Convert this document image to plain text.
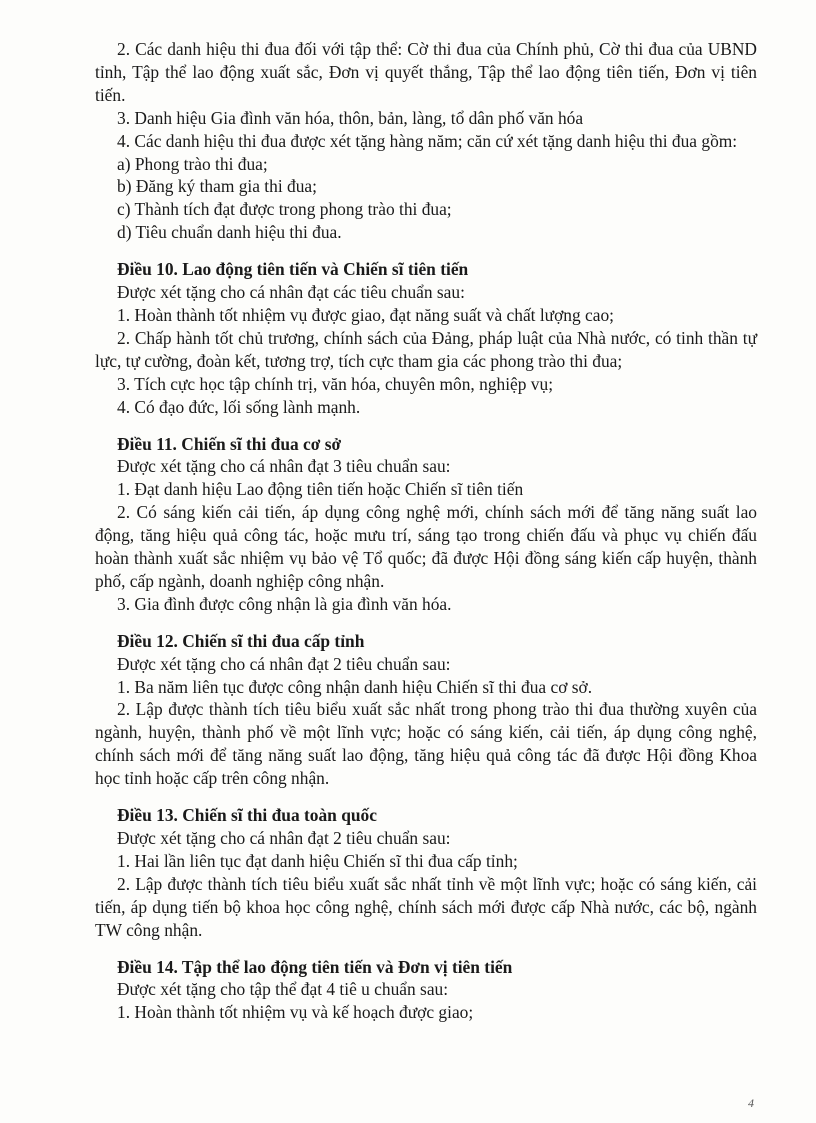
2. Các danh hiệu thi đua đối với tập thể: Cờ thi đua của Chính phủ, Cờ thi đua của UBND tỉnh, Tập thể lao động xuất sắc, Đơn vị quyết thắng, Tập thể lao động tiên tiến, Đơn vị tiên tiến.

3. Danh hiệu Gia đình văn hóa, thôn, bản, làng, tổ dân phố văn hóa

4. Các danh hiệu thi đua được xét tặng hàng năm; căn cứ xét tặng danh hiệu thi đua gồm:

a) Phong trào thi đua;

b) Đăng ký tham gia thi đua;

c) Thành tích đạt được trong phong trào thi đua;

d) Tiêu chuẩn danh hiệu thi đua.

Điều 10. Lao động tiên tiến và Chiến sĩ tiên tiến

Được xét tặng cho cá nhân đạt các tiêu chuẩn sau:

1. Hoàn thành tốt nhiệm vụ được giao, đạt năng suất và chất lượng cao;

2. Chấp hành tốt chủ trương, chính sách của Đảng, pháp luật của Nhà nước, có tinh thần tự lực, tự cường, đoàn kết, tương trợ, tích cực tham gia các phong trào thi đua;

3. Tích cực học tập chính trị, văn hóa, chuyên môn, nghiệp vụ;

4. Có đạo đức, lối sống lành mạnh.

Điều 11. Chiến sĩ thi đua cơ sở

Được xét tặng cho cá nhân đạt 3 tiêu chuẩn sau:

1. Đạt danh hiệu Lao động tiên tiến hoặc Chiến sĩ tiên tiến

2. Có sáng kiến cải tiến, áp dụng công nghệ mới, chính sách mới để tăng năng suất lao động, tăng hiệu quả công tác, hoặc mưu trí, sáng tạo trong chiến đấu và phục vụ chiến đấu hoàn thành xuất sắc nhiệm vụ bảo vệ Tổ quốc; đã được Hội đồng sáng kiến cấp huyện, thành phố, cấp ngành, doanh nghiệp công nhận.

3. Gia đình được công nhận là gia đình văn hóa.

Điều 12. Chiến sĩ thi đua cấp tỉnh

Được xét tặng cho cá nhân đạt 2 tiêu chuẩn sau:

1. Ba năm liên tục được công nhận danh hiệu Chiến sĩ thi đua cơ sở.

2. Lập được thành tích tiêu biểu xuất sắc nhất trong phong trào thi đua thường xuyên của ngành, huyện, thành phố về một lĩnh vực; hoặc có sáng kiến, cải tiến, áp dụng công nghệ, chính sách mới để tăng năng suất lao động, tăng hiệu quả công tác đã được Hội đồng Khoa học tỉnh hoặc cấp trên công nhận.

Điều 13. Chiến sĩ thi đua toàn quốc

Được xét tặng cho cá nhân đạt 2 tiêu chuẩn sau:

1. Hai lần liên tục đạt danh hiệu Chiến sĩ thi đua cấp tỉnh;

2. Lập được thành tích tiêu biểu xuất sắc nhất tỉnh về một lĩnh vực; hoặc có sáng kiến, cải tiến, áp dụng tiến bộ khoa học công nghệ, chính sách mới được cấp Nhà nước, các bộ, ngành TW công nhận.

Điều 14. Tập thể lao động tiên tiến và Đơn vị tiên tiến

Được xét tặng cho tập thể đạt 4 tiê u chuẩn sau:

1. Hoàn thành tốt nhiệm vụ và kế hoạch được giao;

4
